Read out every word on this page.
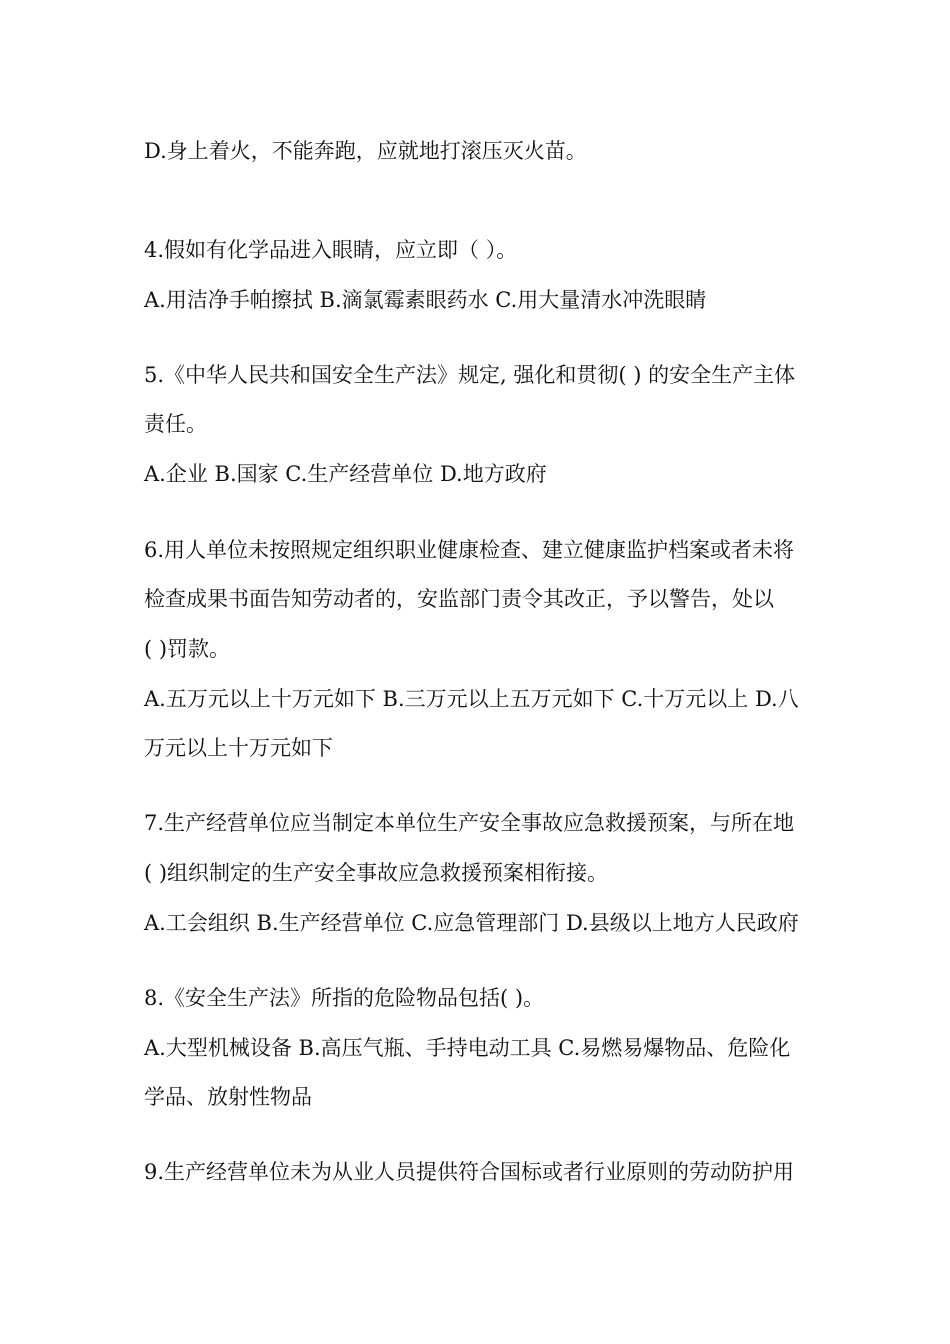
D.身上着火，不能奔跑，应就地打滚压灭火苗。
4.假如有化学品进入眼睛，应立即（ ）。
A.用洁净手帕擦拭 B.滴氯霉素眼药水 C.用大量清水冲洗眼睛
5.《中华人民共和国安全生产法》规定, 强化和贯彻( ) 的安全生产主体
责任。
A.企业 B.国家 C.生产经营单位 D.地方政府
6.用人单位未按照规定组织职业健康检查、建立健康监护档案或者未将
检查成果书面告知劳动者的，安监部门责令其改正，予以警告，处以
( )罚款。
A.五万元以上十万元如下 B.三万元以上五万元如下 C.十万元以上 D.八
万元以上十万元如下
7.生产经营单位应当制定本单位生产安全事故应急救援预案，与所在地
( )组织制定的生产安全事故应急救援预案相衔接。
A.工会组织 B.生产经营单位 C.应急管理部门 D.县级以上地方人民政府
8.《安全生产法》所指的危险物品包括( )。
A.大型机械设备 B.高压气瓶、手持电动工具 C.易燃易爆物品、危险化
学品、放射性物品
9.生产经营单位未为从业人员提供符合国标或者行业原则的劳动防护用
